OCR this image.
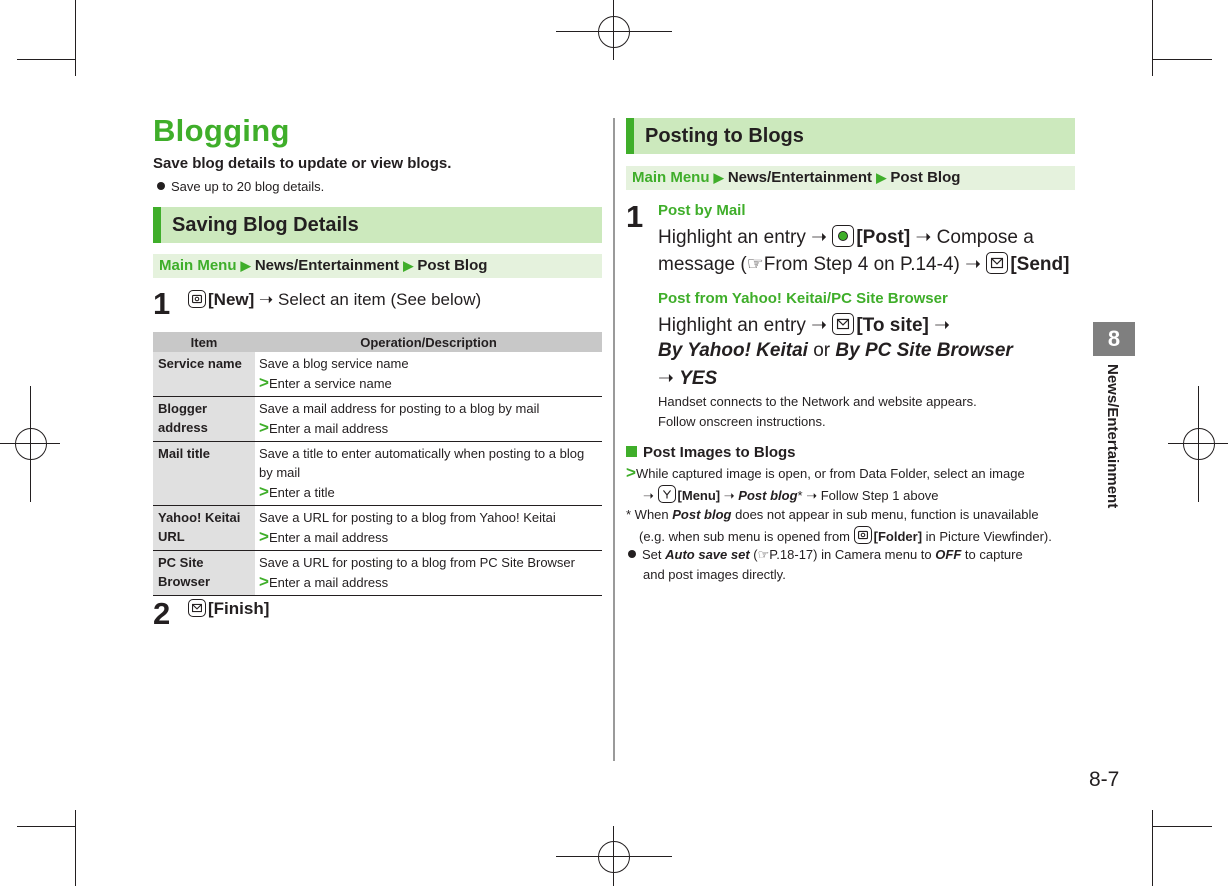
Blogging
Save blog details to update or view blogs.
Save up to 20 blog details.
Saving Blog Details
Main Menu ▶ News/Entertainment ▶ Post Blog
1	[New] ➝ Select an item (See below)
Item	Operation/Description
Service name	Save a blog service name
>Enter a service name

Blogger address	Save a mail address for posting to a blog by mail
>Enter a mail address

Mail title	Save a title to enter automatically when posting to a blog by mail
>Enter a title

Yahoo! Keitai URL	Save a URL for posting to a blog from Yahoo! Keitai
>Enter a mail address

PC Site Browser	Save a URL for posting to a blog from PC Site Browser
>Enter a mail address
2	[Finish]
Posting to Blogs
Main Menu ▶ News/Entertainment ▶ Post Blog
1 Post by Mail
Highlight an entry ➝ [Post] ➝ Compose a
message (☞From Step 4 on P.14-4) ➝ [Send]
Post from Yahoo! Keitai/PC Site Browser
Highlight an entry ➝ [To site] ➝
By Yahoo! Keitai or By PC Site Browser
➝ YES
Handset connects to the Network and website appears.
Follow onscreen instructions.
Post Images to Blogs
>While captured image is open, or from Data Folder, select an image
➝ [Menu] ➝ Post blog* ➝ Follow Step 1 above
* When Post blog does not appear in sub menu, function is unavailable
(e.g. when sub menu is opened from [Folder] in Picture Viewfinder).
Set Auto save set (☞P.18-17) in Camera menu to OFF to capture
and post images directly.
8
News/Entertainment
8-7
